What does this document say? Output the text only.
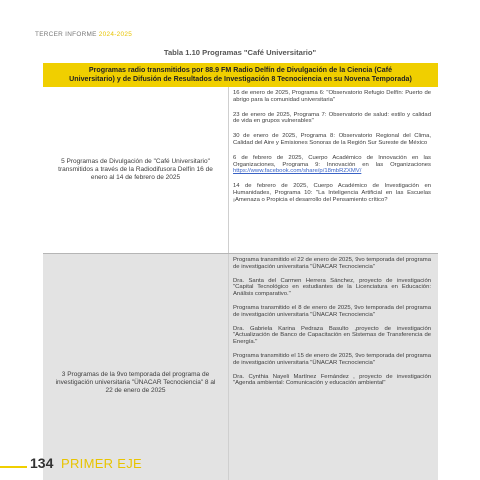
TERCER INFORME 2024-2025
Tabla 1.10 Programas "Café Universitario"
Programas radio transmitidos por 88.9 FM Radio Delfín de Divulgación de la Ciencia (Café Universitario) y de Difusión de Resultados de Investigación 8 Tecnociencia en su Novena Temporada)
5 Programas de Divulgación de "Café Universitario" transmitidos a través de la Radiodifusora Delfín 16 de enero al 14 de febrero de 2025
16 de enero de 2025, Programa 6: "Observatorio Refugio Delfín: Puerto de abrigo para la comunidad universitaria"
23 de enero de 2025, Programa 7: Observatorio de salud: estilo y calidad de vida en grupos vulnerables"
30 de enero de 2025, Programa 8: Observatorio Regional del Clima, Calidad del Aire y Emisiones Sonoras de la Región Sur Sureste de México
6 de febrero de 2025, Cuerpo Académico de Innovación en las Organizaciones, Programa 9: Innovación en las Organizaciones https://www.facebook.com/share/p/18mbRZXMV/
14 de febrero de 2025, Cuerpo Académico de Investigación en Humanidades, Programa 10: "La Inteligencia Artificial en las Escuelas ¡Amenaza o Propicia el desarrollo del Pensamiento crítico?
3 Programas de la 9vo temporada del programa de investigación universitaria "ÜNACAR Tecnociencia" 8 al 22 de enero de 2025
Programa transmitido el 22 de enero de 2025, 9vo temporada del programa de investigación universitaria "ÜNACAR Tecnociencia"
Dra. Santa del Carmen Herrera Sánchez, proyecto de investigación "Capital Tecnológico en estudiantes de la Licenciatura en Educación: Análisis comparativo."
Programa transmitido el 8 de enero de 2025, 9vo temporada del programa de investigación universitaria "ÜNACAR Tecnociencia"
Dra. Gabriela Karina Pedraza Basulto ,proyecto de investigación "Actualización de Banco de Capacitación en Sistemas de Transferencia de Energía."
Programa transmitido el 15 de enero de 2025, 9vo temporada del programa de investigación universitaria "ÜNACAR Tecnociencia"
Dra. Cynthia Nayeli Martínez Fernández , proyecto de investigación "Agenda ambiental: Comunicación y educación ambiental"
134 PRIMER EJE
